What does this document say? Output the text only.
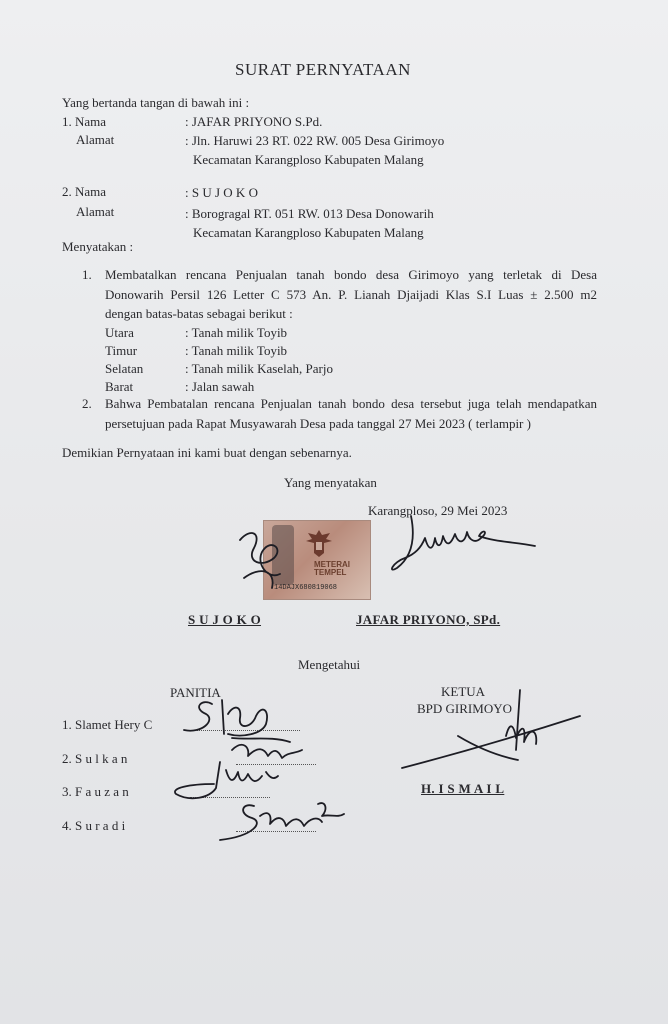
SURAT PERNYATAAN
Yang bertanda tangan di bawah ini :
1. Nama	: JAFAR PRIYONO S.Pd.
Alamat	: Jln. Haruwi 23 RT. 022 RW. 005 Desa Girimoyo
Kecamatan Karangploso Kabupaten Malang
2. Nama	: S U J O K O
Alamat	: Borogragal RT. 051 RW. 013 Desa Donowarih
Kecamatan Karangploso Kabupaten Malang
Menyatakan :
1. Membatalkan rencana Penjualan tanah bondo desa Girimoyo yang terletak di Desa
Donowarih Persil 126 Letter C 573 An. P. Lianah Djaijadi Klas S.I Luas ± 2.500 m2
dengan batas-batas sebagai berikut :
Utara	: Tanah milik Toyib
Timur	: Tanah milik Toyib
Selatan	: Tanah milik Kaselah, Parjo
Barat	: Jalan sawah
2. Bahwa Pembatalan rencana Penjualan tanah bondo desa tersebut juga telah mendapatkan
persetujuan pada Rapat Musyawarah Desa pada tanggal 27 Mei 2023 ( terlampir )
Demikian Pernyataan ini kami buat dengan sebenarnya.
Yang menyatakan
Karangploso, 29 Mei 2023
METERAI
TEMPEL
14DAJX680819068
S U J O K O	JAFAR PRIYONO, SPd.
Mengetahui
PANITIA
1. Slamet Hery C
2. S u l k a n
3. F a u z a n
4. S u r a d i
KETUA
BPD GIRIMOYO
H. I S M A I L
